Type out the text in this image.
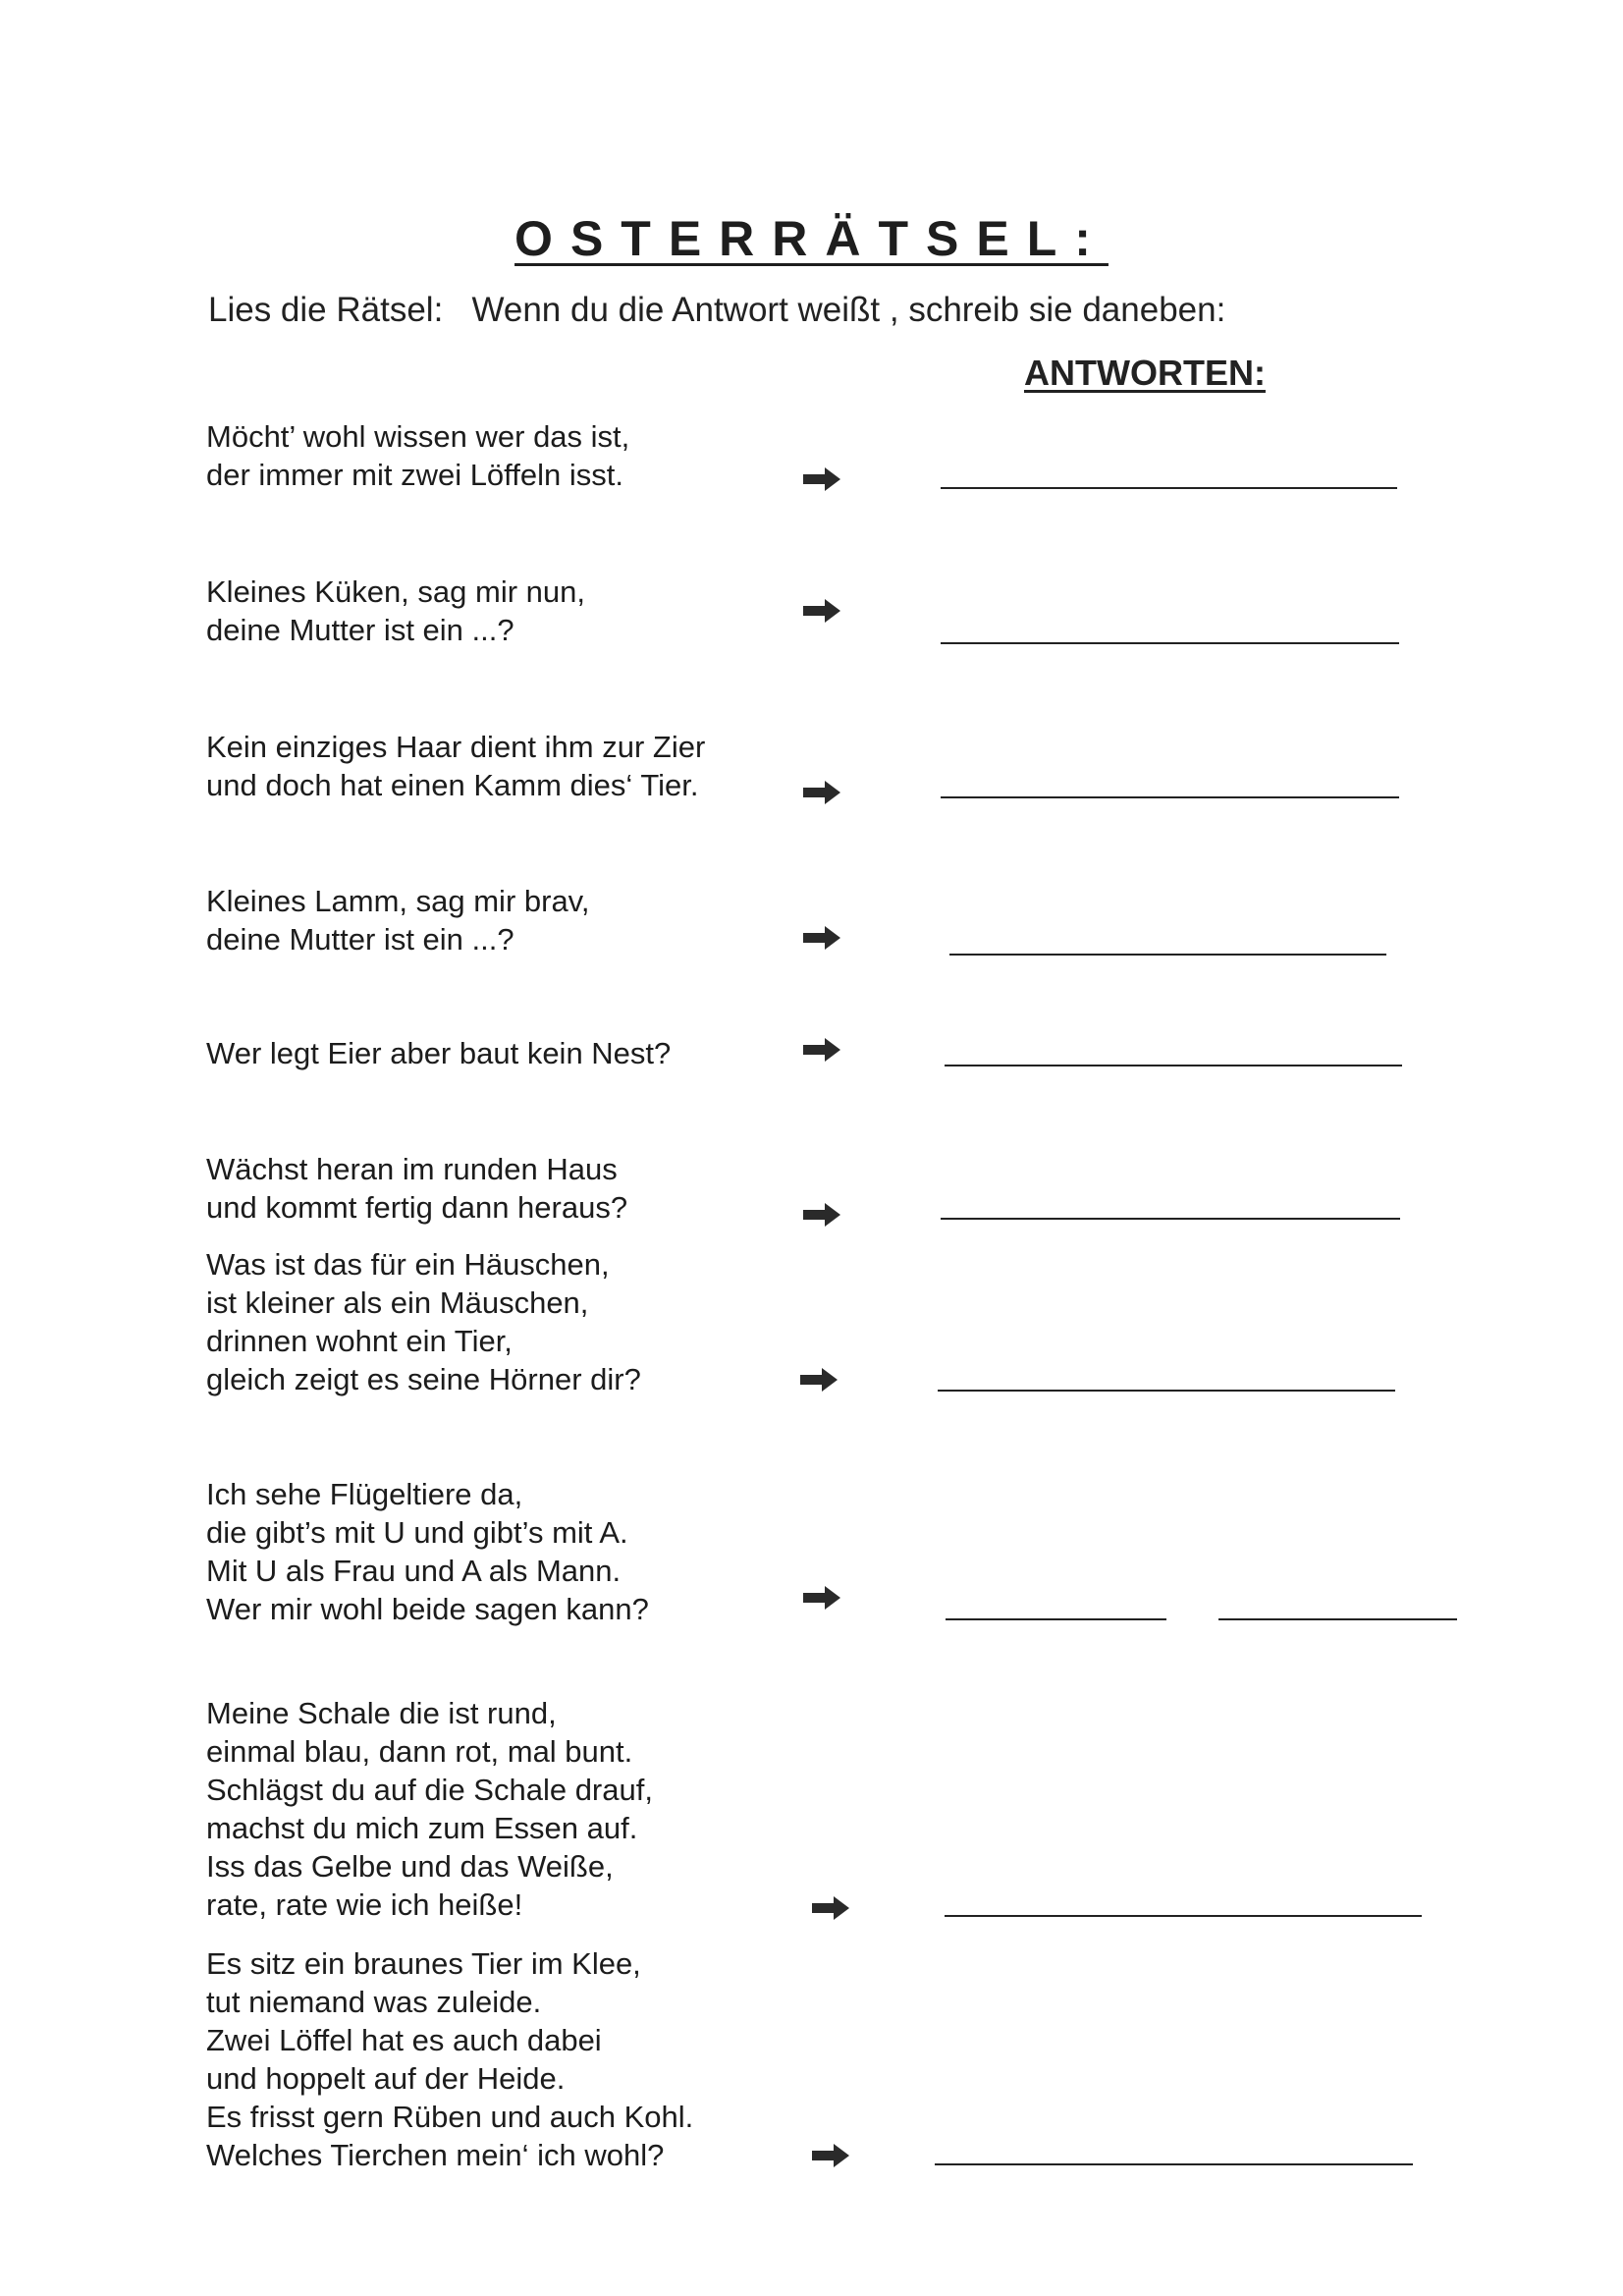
OSTERRÄTSEL:
Lies die Rätsel:   Wenn du die Antwort weißt , schreib sie daneben:
ANTWORTEN:
Möcht’ wohl wissen wer das ist,
der immer mit zwei Löffeln isst.
Kleines Küken, sag mir nun,
deine Mutter ist ein ...?
Kein einziges Haar dient ihm zur Zier
und doch hat einen Kamm dies‘ Tier.
Kleines Lamm, sag mir brav,
deine Mutter ist ein ...?
Wer legt Eier aber baut kein Nest?
Wächst heran im runden Haus
und kommt fertig dann heraus?
Was ist das für ein Häuschen,
ist kleiner als ein Mäuschen,
drinnen wohnt ein Tier,
gleich zeigt es seine Hörner dir?
Ich sehe Flügeltiere da,
die gibt’s mit U und gibt’s mit A.
Mit U als Frau und A als Mann.
Wer mir wohl beide sagen kann?
Meine Schale die ist rund,
einmal blau, dann rot, mal bunt.
Schlägst du auf die Schale drauf,
machst du mich zum Essen auf.
Iss das Gelbe und das Weiße,
rate, rate wie ich heiße!
Es sitz ein braunes Tier im Klee,
tut niemand was zuleide.
Zwei Löffel hat es auch dabei
und hoppelt auf der Heide.
Es frisst gern Rüben und auch Kohl.
Welches Tierchen mein‘ ich wohl?
